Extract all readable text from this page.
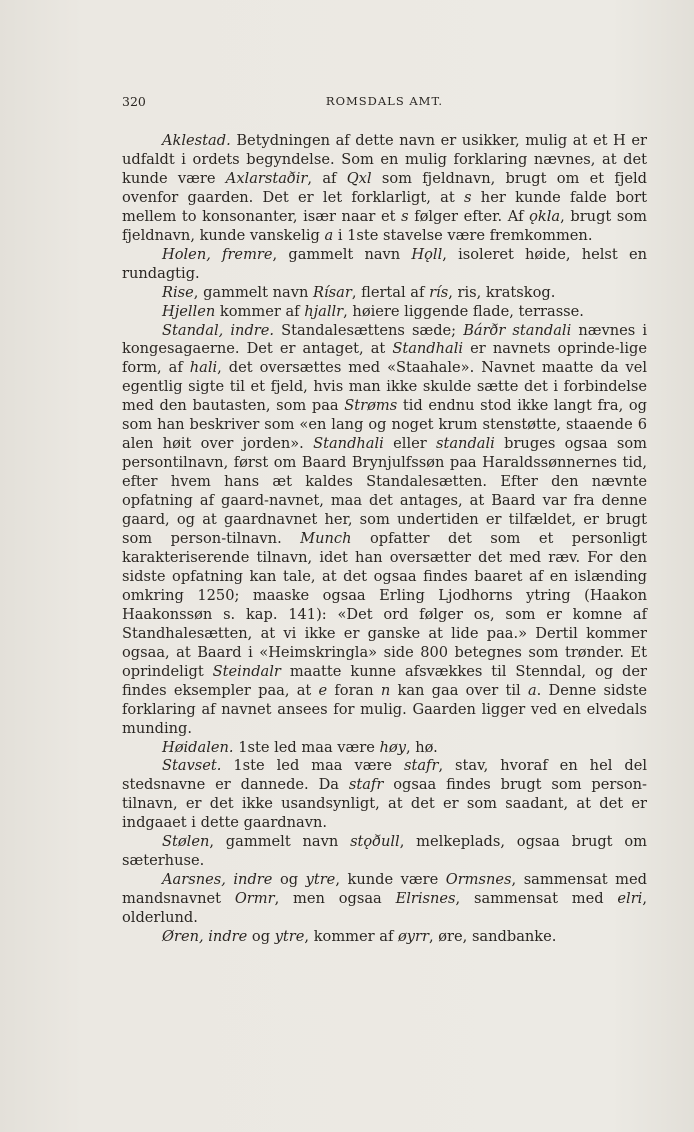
320	ROMSDALS AMT.

Aklestad. Betydningen af dette navn er usikker, mulig at et H er udfaldt i ordets begyndelse. Som en mulig forklaring nævnes, at det kunde være Axlarstaðir, af Qxl som fjeldnavn, brugt om et fjeld ovenfor gaarden. Det er let forklarligt, at s her kunde falde bort mellem to konsonanter, især naar et s følger efter. Af ǫkla, brugt som fjeldnavn, kunde vanskelig a i 1ste stavelse være fremkommen.

Holen, fremre, gammelt navn Hǫll, isoleret høide, helst en rundagtig.

Rise, gammelt navn Rísar, flertal af rís, ris, kratskog.

Hjellen kommer af hjallr, høiere liggende flade, terrasse.

Standal, indre. Standalesættens sæde; Bárðr standali nævnes i kongesagaerne. Det er antaget, at Standhali er navnets oprinde-lige form, af hali, det oversættes med «Staahale». Navnet maatte da vel egentlig sigte til et fjeld, hvis man ikke skulde sætte det i forbindelse med den bautasten, som paa Strøms tid endnu stod ikke langt fra, og som han beskriver som «en lang og noget krum stenstøtte, staaende 6 alen høit over jorden». Standhali eller standali bruges ogsaa som persontilnavn, først om Baard Brynjulfssøn paa Haraldssønnernes tid, efter hvem hans æt kaldes Standalesætten. Efter den nævnte opfatning af gaard-navnet, maa det antages, at Baard var fra denne gaard, og at gaardnavnet her, som undertiden er tilfældet, er brugt som person-tilnavn. Munch opfatter det som et personligt karakteriserende tilnavn, idet han oversætter det med ræv. For den sidste opfatning kan tale, at det ogsaa findes baaret af en islænding omkring 1250; maaske ogsaa Erling Ljodhorns ytring (Haakon Haakonssøn s. kap. 141): «Det ord følger os, som er komne af Standhalesætten, at vi ikke er ganske at lide paa.» Dertil kommer ogsaa, at Baard i «Heimskringla» side 800 betegnes som trønder. Et oprindeligt Steindalr maatte kunne afsvækkes til Stenndal, og der findes eksempler paa, at e foran n kan gaa over til a. Denne sidste forklaring af navnet ansees for mulig. Gaarden ligger ved en elvedals munding.

Høidalen. 1ste led maa være høy, hø.

Stavset. 1ste led maa være stafr, stav, hvoraf en hel del stedsnavne er dannede. Da stafr ogsaa findes brugt som person-tilnavn, er det ikke usandsynligt, at det er som saadant, at det er indgaaet i dette gaardnavn.

Stølen, gammelt navn stǫðull, melkeplads, ogsaa brugt om sæterhuse.

Aarsnes, indre og ytre, kunde være Ormsnes, sammensat med mandsnavnet Ormr, men ogsaa Elrisnes, sammensat med elri, olderlund.

Øren, indre og ytre, kommer af øyrr, øre, sandbanke.
